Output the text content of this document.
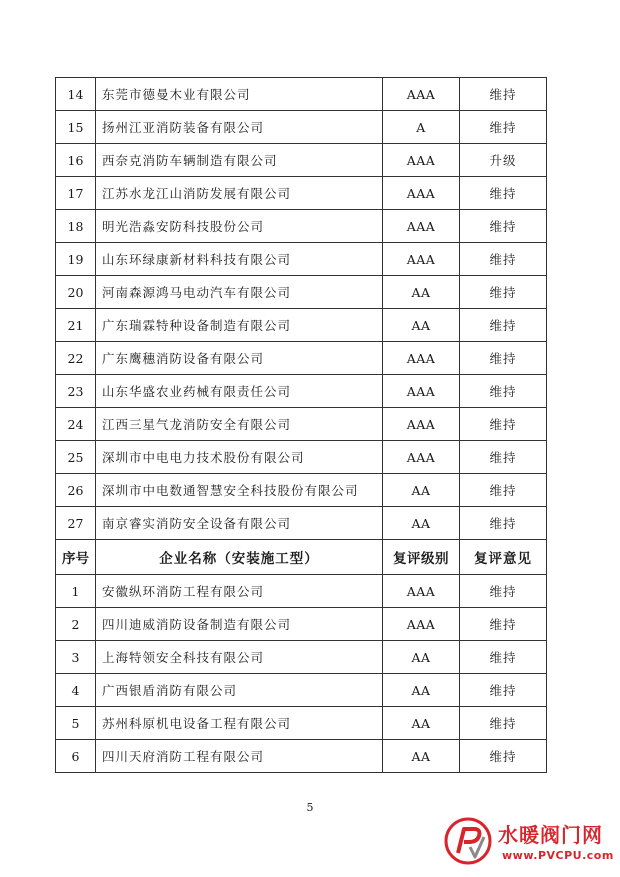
14	东莞市德曼木业有限公司	AAA	维持
15	扬州江亚消防装备有限公司	A	维持
16	西奈克消防车辆制造有限公司	AAA	升级
17	江苏水龙江山消防发展有限公司	AAA	维持
18	明光浩淼安防科技股份公司	AAA	维持
19	山东环绿康新材料科技有限公司	AAA	维持
20	河南森源鸿马电动汽车有限公司	AA	维持
21	广东瑞霖特种设备制造有限公司	AA	维持
22	广东鹰穗消防设备有限公司	AAA	维持
23	山东华盛农业药械有限责任公司	AAA	维持
24	江西三星气龙消防安全有限公司	AAA	维持
25	深圳市中电电力技术股份有限公司	AAA	维持
26	深圳市中电数通智慧安全科技股份有限公司	AA	维持
27	南京睿实消防安全设备有限公司	AA	维持
序号	企业名称（安装施工型）	复评级别	复评意见
1	安徽纵环消防工程有限公司	AAA	维持
2	四川迪威消防设备制造有限公司	AAA	维持
3	上海特领安全科技有限公司	AA	维持
4	广西银盾消防有限公司	AA	维持
5	苏州科原机电设备工程有限公司	AA	维持
6	四川天府消防工程有限公司	AA	维持
5
水暖阀门网
www.PVCPU.com
